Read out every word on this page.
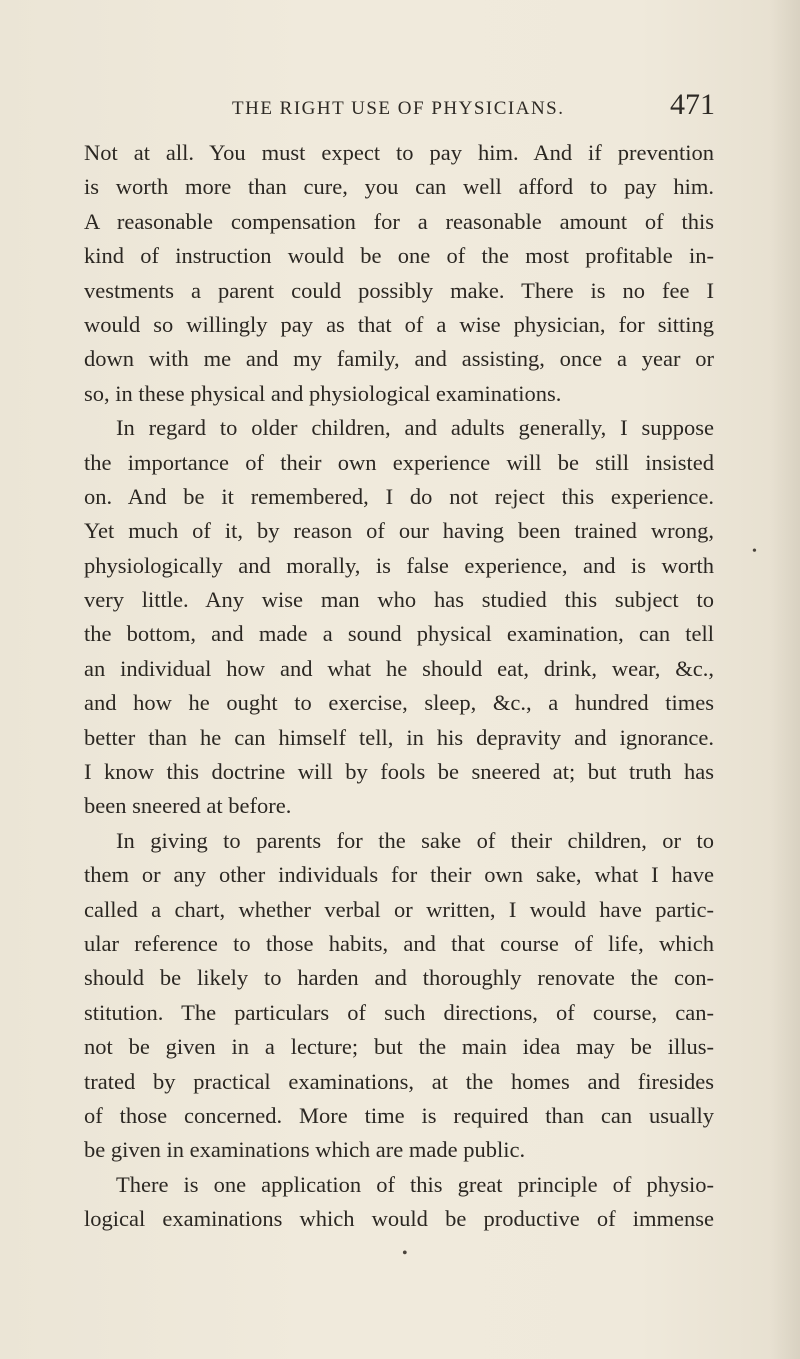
THE RIGHT USE OF PHYSICIANS.	471
Not at all. You must expect to pay him. And if prevention
is worth more than cure, you can well afford to pay him.
A reasonable compensation for a reasonable amount of this
kind of instruction would be one of the most profitable in-
vestments a parent could possibly make. There is no fee I
would so willingly pay as that of a wise physician, for sitting
down with me and my family, and assisting, once a year or
so, in these physical and physiological examinations.
In regard to older children, and adults generally, I suppose
the importance of their own experience will be still insisted
on. And be it remembered, I do not reject this experience.
Yet much of it, by reason of our having been trained wrong,
physiologically and morally, is false experience, and is worth
very little. Any wise man who has studied this subject to
the bottom, and made a sound physical examination, can tell
an individual how and what he should eat, drink, wear, &c.,
and how he ought to exercise, sleep, &c., a hundred times
better than he can himself tell, in his depravity and ignorance.
I know this doctrine will by fools be sneered at; but truth has
been sneered at before.
In giving to parents for the sake of their children, or to
them or any other individuals for their own sake, what I have
called a chart, whether verbal or written, I would have partic-
ular reference to those habits, and that course of life, which
should be likely to harden and thoroughly renovate the con-
stitution. The particulars of such directions, of course, can-
not be given in a lecture; but the main idea may be illus-
trated by practical examinations, at the homes and firesides
of those concerned. More time is required than can usually
be given in examinations which are made public.
There is one application of this great principle of physio-
logical examinations which would be productive of immense
•
•
